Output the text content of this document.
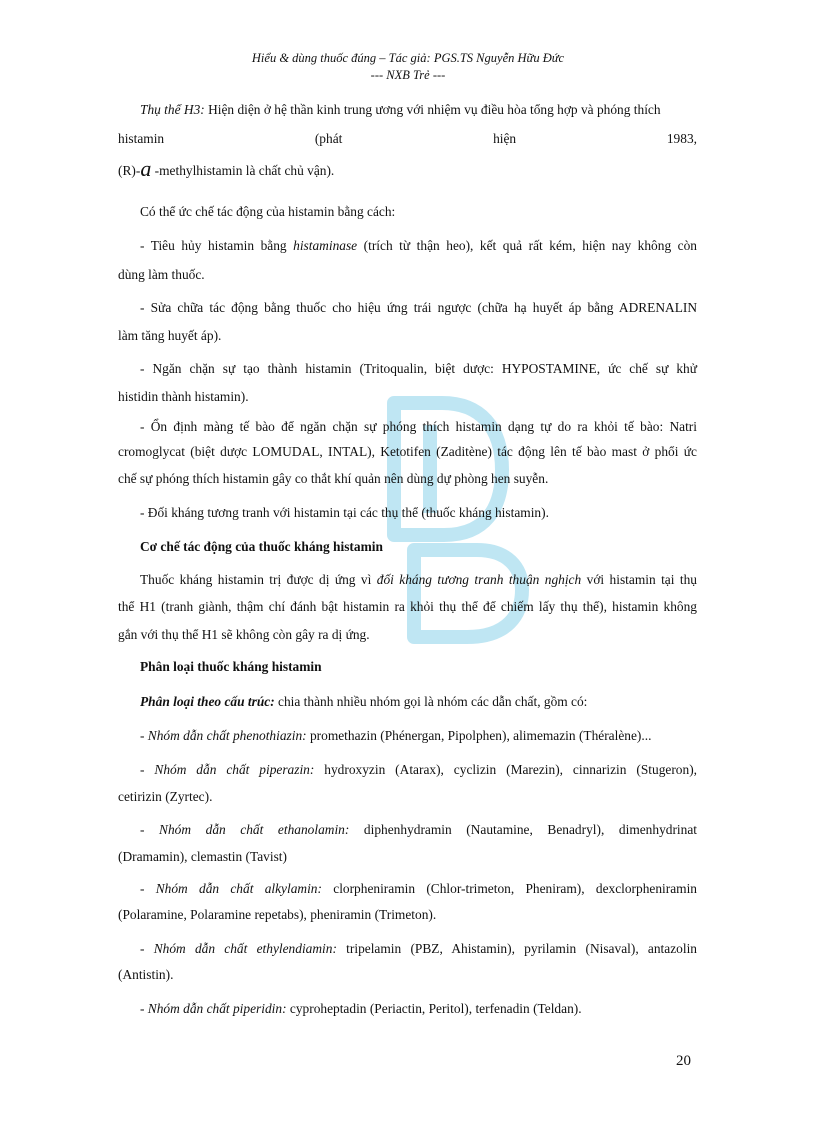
Hiểu & dùng thuốc đúng – Tác giả: PGS.TS Nguyễn Hữu Đức
--- NXB Trẻ ---

Thụ thể H3: Hiện diện ở hệ thần kinh trung ương với nhiệm vụ điều hòa tổng hợp và phóng thích

histamin	(phát	hiện	1983,

(R)-a -methylhistamin là chất chủ vận).

Có thể ức chế tác động của histamin bằng cách:

- Tiêu hủy histamin bằng histaminase (trích từ thận heo), kết quả rất kém, hiện nay không còn

dùng làm thuốc.

- Sửa chữa tác động bằng thuốc cho hiệu ứng trái ngược (chữa hạ huyết áp bằng ADRENALIN

làm tăng huyết áp).

- Ngăn chặn sự tạo thành histamin (Tritoqualin, biệt dược: HYPOSTAMINE, ức chế sự khử

histidin thành histamin).

- Ổn định màng tế bào để ngăn chặn sự phóng thích histamin dạng tự do ra khỏi tế bào: Natri

cromoglycat (biệt dược LOMUDAL, INTAL), Ketotifen (Zaditène) tác động lên tế bào mast ở phổi ức

chế sự phóng thích histamin gây co thắt khí quản nên dùng dự phòng hen suyễn.

- Đối kháng tương tranh với histamin tại các thụ thể (thuốc kháng histamin).

Cơ chế tác động của thuốc kháng histamin

Thuốc kháng histamin trị được dị ứng vì đối kháng tương tranh thuận nghịch với histamin tại thụ

thể H1 (tranh giành, thậm chí đánh bật histamin ra khỏi thụ thể để chiếm lấy thụ thể), histamin không

gắn với thụ thể H1 sẽ không còn gây ra dị ứng.

Phân loại thuốc kháng histamin

Phân loại theo cấu trúc: chia thành nhiều nhóm gọi là nhóm các dẫn chất, gồm có:

- Nhóm dẫn chất phenothiazin: promethazin (Phénergan, Pipolphen), alimemazin (Théralène)...

- Nhóm dẫn chất piperazin: hydroxyzin (Atarax), cyclizin (Marezin), cinnarizin (Stugeron),

cetirizin (Zyrtec).

- Nhóm dẫn chất ethanolamin: diphenhydramin (Nautamine, Benadryl), dimenhydrinat

(Dramamin), clemastin (Tavist)

- Nhóm dẫn chất alkylamin: clorpheniramin (Chlor-trimeton, Pheniram), dexclorpheniramin

(Polaramine, Polaramine repetabs), pheniramin (Trimeton).

- Nhóm dẫn chất ethylendiamin: tripelamin (PBZ, Ahistamin), pyrilamin (Nisaval), antazolin

(Antistin).

- Nhóm dẫn chất piperidin: cyproheptadin (Periactin, Peritol), terfenadin (Teldan).

20
